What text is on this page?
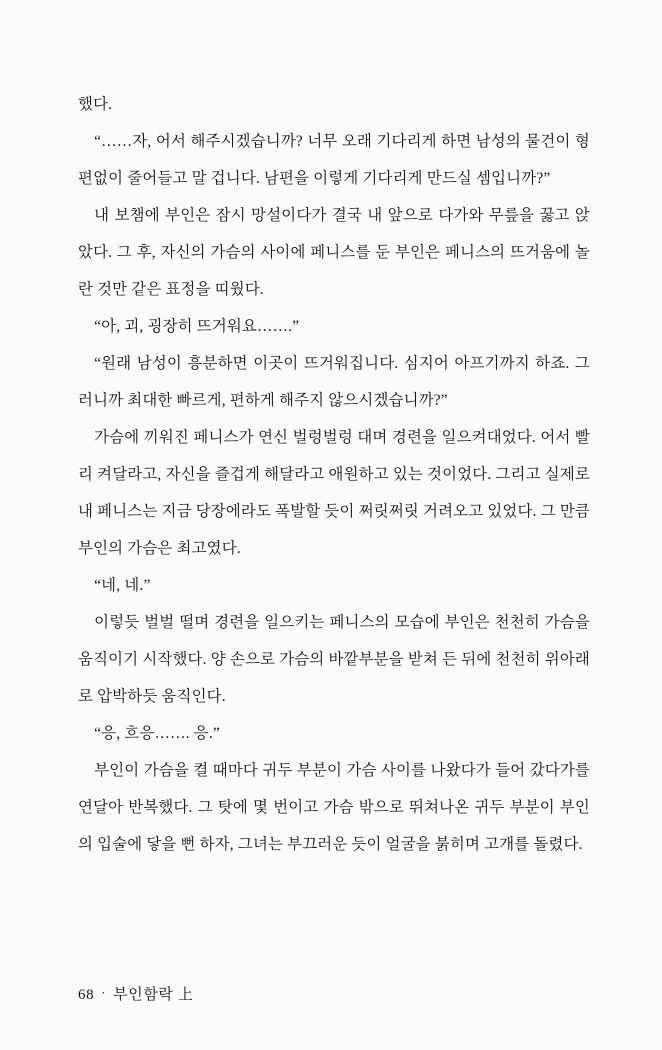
했다.

“……자, 어서 해주시겠습니까? 너무 오래 기다리게 하면 남성의 물건이 형편없이 줄어들고 말 겁니다. 남편을 이렇게 기다리게 만드실 셈입니까?”

내 보챔에 부인은 잠시 망설이다가 결국 내 앞으로 다가와 무릎을 꿇고 앉았다. 그 후, 자신의 가슴의 사이에 페니스를 둔 부인은 페니스의 뜨거움에 놀란 것만 같은 표정을 띠웠다.

“아, 괴, 굉장히 뜨거워요…….”

“원래 남성이 흥분하면 이곳이 뜨거워집니다. 심지어 아프기까지 하죠. 그러니까 최대한 빠르게, 편하게 해주지 않으시겠습니까?”

가슴에 끼워진 페니스가 연신 벌렁벌렁 대며 경련을 일으켜대었다. 어서 빨리 켜달라고, 자신을 즐겁게 해달라고 애원하고 있는 것이었다. 그리고 실제로 내 페니스는 지금 당장에라도 폭발할 듯이 쩌릿쩌릿 거려오고 있었다. 그 만큼 부인의 가슴은 최고였다.

“네, 네.”

이렇듯 벌벌 떨며 경련을 일으키는 페니스의 모습에 부인은 천천히 가슴을 움직이기 시작했다. 양 손으로 가슴의 바깥부분을 받쳐 든 뒤에 천천히 위아래로 압박하듯 움직인다.

“응, 흐응……. 응.”

부인이 가슴을 켤 때마다 귀두 부분이 가슴 사이를 나왔다가 들어 갔다가를 연달아 반복했다. 그 탓에 몇 번이고 가슴 밖으로 뛰쳐나온 귀두 부분이 부인의 입술에 닿을 뻔 하자, 그녀는 부끄러운 듯이 얼굴을 붉히며 고개를 돌렸다.

68 · 부인함락 上
